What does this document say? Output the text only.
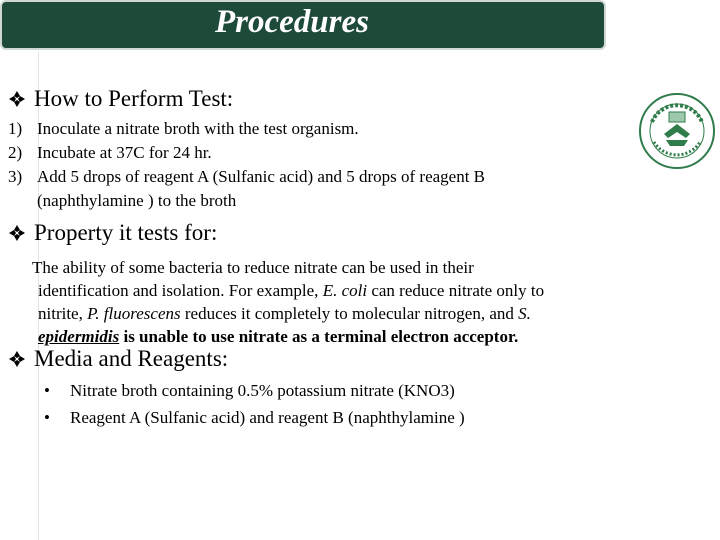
Procedures
How to Perform Test:
1) Inoculate a nitrate broth with the test organism.
2) Incubate at 37C for 24 hr.
3) Add 5 drops of reagent A (Sulfanic acid) and 5 drops of reagent B
(naphthylamine ) to the broth
Property it tests for:
The ability of some bacteria to reduce nitrate can be used in their
identification and isolation. For example, E. coli can reduce nitrate only to
nitrite, P. fluorescens reduces it completely to molecular nitrogen, and S.
epidermidis is unable to use nitrate as a terminal electron acceptor.
Media and Reagents:
•	Nitrate broth containing 0.5% potassium nitrate (KNO3)
•	Reagent A (Sulfanic acid) and reagent B (naphthylamine )
